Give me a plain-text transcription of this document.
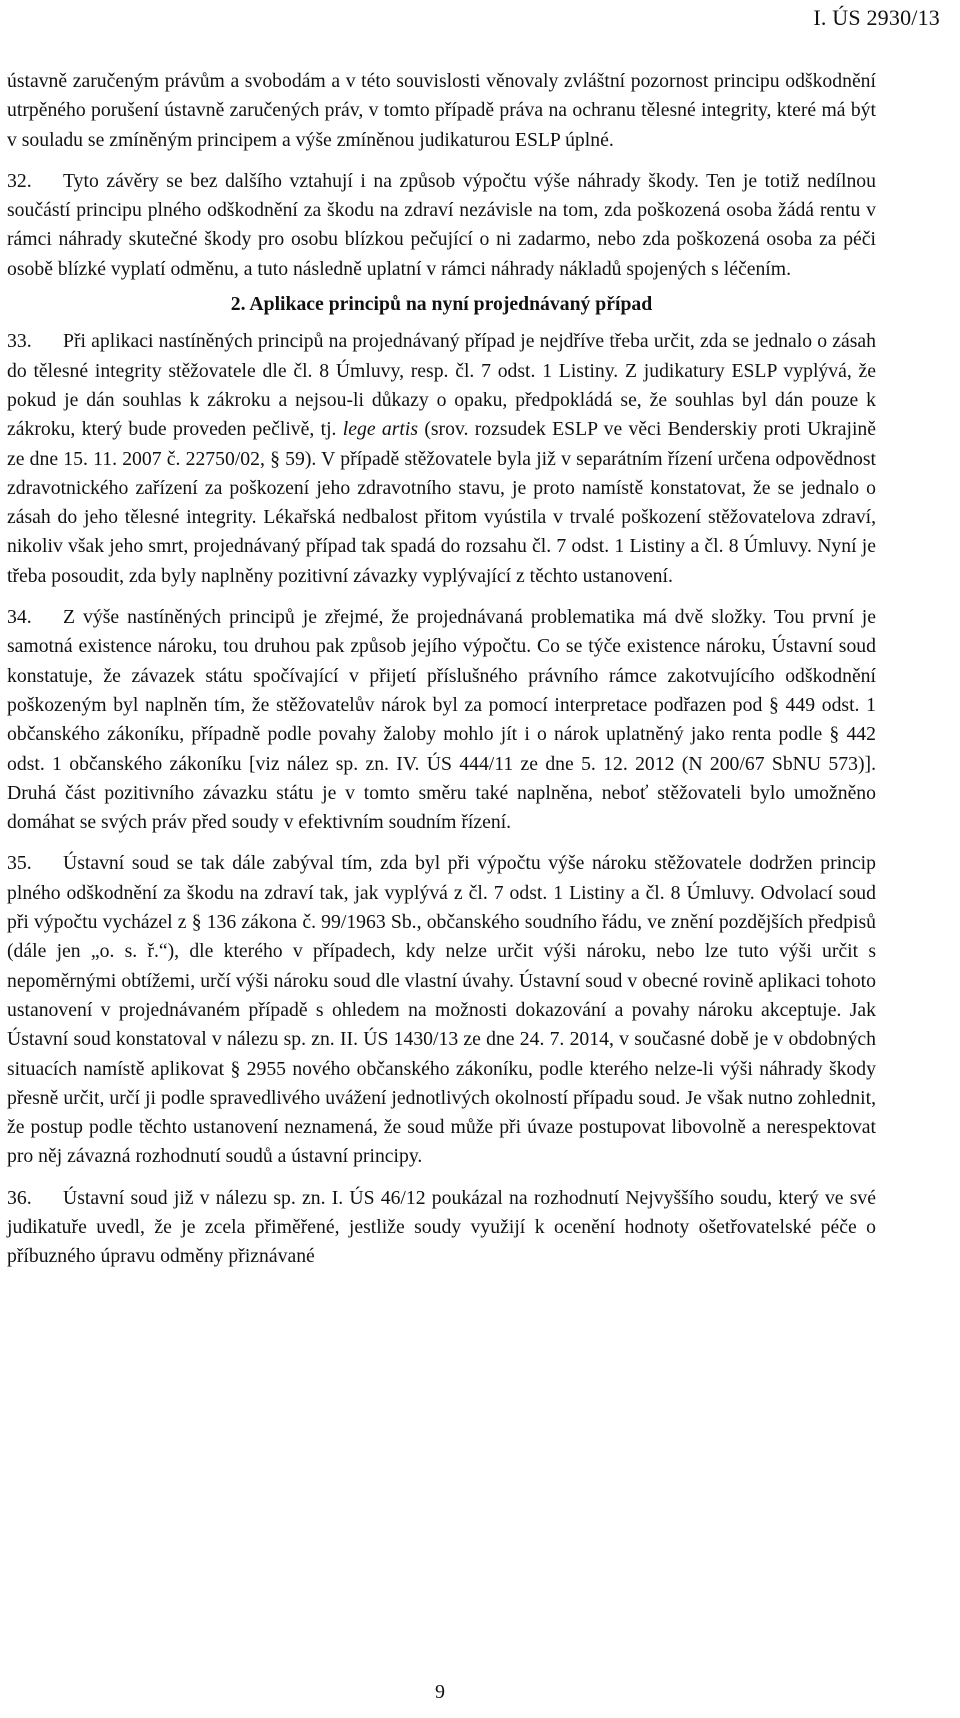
I. ÚS 2930/13

ústavně zaručeným právům a svobodám a v této souvislosti věnovaly zvláštní pozornost principu odškodnění utrpěného porušení ústavně zaručených práv, v tomto případě práva na ochranu tělesné integrity, které má být v souladu se zmíněným principem a výše zmíněnou judikaturou ESLP úplné.

32. Tyto závěry se bez dalšího vztahují i na způsob výpočtu výše náhrady škody. Ten je totiž nedílnou součástí principu plného odškodnění za škodu na zdraví nezávisle na tom, zda poškozená osoba žádá rentu v rámci náhrady skutečné škody pro osobu blízkou pečující o ni zadarmo, nebo zda poškozená osoba za péči osobě blízké vyplatí odměnu, a tuto následně uplatní v rámci náhrady nákladů spojených s léčením.

2. Aplikace principů na nyní projednávaný případ

33. Při aplikaci nastíněných principů na projednávaný případ je nejdříve třeba určit, zda se jednalo o zásah do tělesné integrity stěžovatele dle čl. 8 Úmluvy, resp. čl. 7 odst. 1 Listiny. Z judikatury ESLP vyplývá, že pokud je dán souhlas k zákroku a nejsou-li důkazy o opaku, předpokládá se, že souhlas byl dán pouze k zákroku, který bude proveden pečlivě, tj. lege artis (srov. rozsudek ESLP ve věci Benderskiy proti Ukrajině ze dne 15. 11. 2007 č. 22750/02, § 59). V případě stěžovatele byla již v separátním řízení určena odpovědnost zdravotnického zařízení za poškození jeho zdravotního stavu, je proto namístě konstatovat, že se jednalo o zásah do jeho tělesné integrity. Lékařská nedbalost přitom vyústila v trvalé poškození stěžovatelova zdraví, nikoliv však jeho smrt, projednávaný případ tak spadá do rozsahu čl. 7 odst. 1 Listiny a čl. 8 Úmluvy. Nyní je třeba posoudit, zda byly naplněny pozitivní závazky vyplývající z těchto ustanovení.

34. Z výše nastíněných principů je zřejmé, že projednávaná problematika má dvě složky. Tou první je samotná existence nároku, tou druhou pak způsob jejího výpočtu. Co se týče existence nároku, Ústavní soud konstatuje, že závazek státu spočívající v přijetí příslušného právního rámce zakotvujícího odškodnění poškozeným byl naplněn tím, že stěžovatelův nárok byl za pomocí interpretace podřazen pod § 449 odst. 1 občanského zákoníku, případně podle povahy žaloby mohlo jít i o nárok uplatněný jako renta podle § 442 odst. 1 občanského zákoníku [viz nález sp. zn. IV. ÚS 444/11 ze dne 5. 12. 2012 (N 200/67 SbNU 573)]. Druhá část pozitivního závazku státu je v tomto směru také naplněna, neboť stěžovateli bylo umožněno domáhat se svých práv před soudy v efektivním soudním řízení.

35. Ústavní soud se tak dále zabýval tím, zda byl při výpočtu výše nároku stěžovatele dodržen princip plného odškodnění za škodu na zdraví tak, jak vyplývá z čl. 7 odst. 1 Listiny a čl. 8 Úmluvy. Odvolací soud při výpočtu vycházel z § 136 zákona č. 99/1963 Sb., občanského soudního řádu, ve znění pozdějších předpisů (dále jen „o. s. ř.“), dle kterého v případech, kdy nelze určit výši nároku, nebo lze tuto výši určit s nepoměrnými obtížemi, určí výši nároku soud dle vlastní úvahy. Ústavní soud v obecné rovině aplikaci tohoto ustanovení v projednávaném případě s ohledem na možnosti dokazování a povahy nároku akceptuje. Jak Ústavní soud konstatoval v nálezu sp. zn. II. ÚS 1430/13 ze dne 24. 7. 2014, v současné době je v obdobných situacích namístě aplikovat § 2955 nového občanského zákoníku, podle kterého nelze-li výši náhrady škody přesně určit, určí ji podle spravedlivého uvážení jednotlivých okolností případu soud. Je však nutno zohlednit, že postup podle těchto ustanovení neznamená, že soud může při úvaze postupovat libovolně a nerespektovat pro něj závazná rozhodnutí soudů a ústavní principy.

36. Ústavní soud již v nálezu sp. zn. I. ÚS 46/12 poukázal na rozhodnutí Nejvyššího soudu, který ve své judikatuře uvedl, že je zcela přiměřené, jestliže soudy využijí k ocenění hodnoty ošetřovatelské péče o příbuzného úpravu odměny přiznávané

9
